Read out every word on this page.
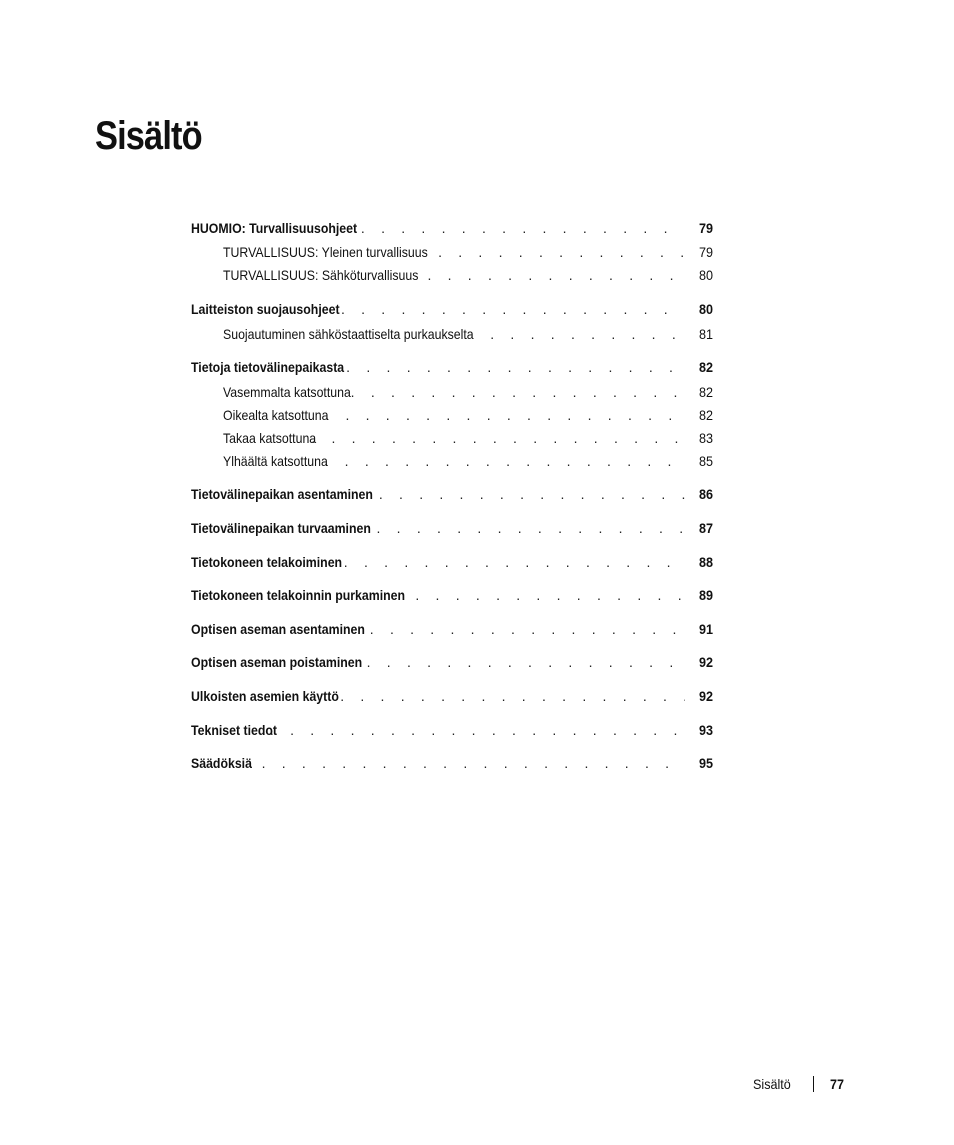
Sisältö
HUOMIO: Turvallisuusohjeet . . .	79
TURVALLISUUS: Yleinen turvallisuus . . .	79
TURVALLISUUS: Sähköturvallisuus . . .	80
Laitteiston suojausohjeet . . .	80
Suojautuminen sähköstaattiselta purkaukselta . . .	81
Tietoja tietovälinepaikasta . . .	82
Vasemmalta katsottuna . . .	82
Oikealta katsottuna . . .	82
Takaa katsottuna . . .	83
Ylhäältä katsottuna . . .	85
Tietovälinepaikan asentaminen . . .	86
Tietovälinepaikan turvaaminen . . .	87
Tietokoneen telakoiminen . . .	88
Tietokoneen telakoinnin purkaminen . . .	89
Optisen aseman asentaminen . . .	91
Optisen aseman poistaminen . . .	92
Ulkoisten asemien käyttö . . .	92
Tekniset tiedot . . .	93
Säädöksiä . . .	95
Sisältö	77
